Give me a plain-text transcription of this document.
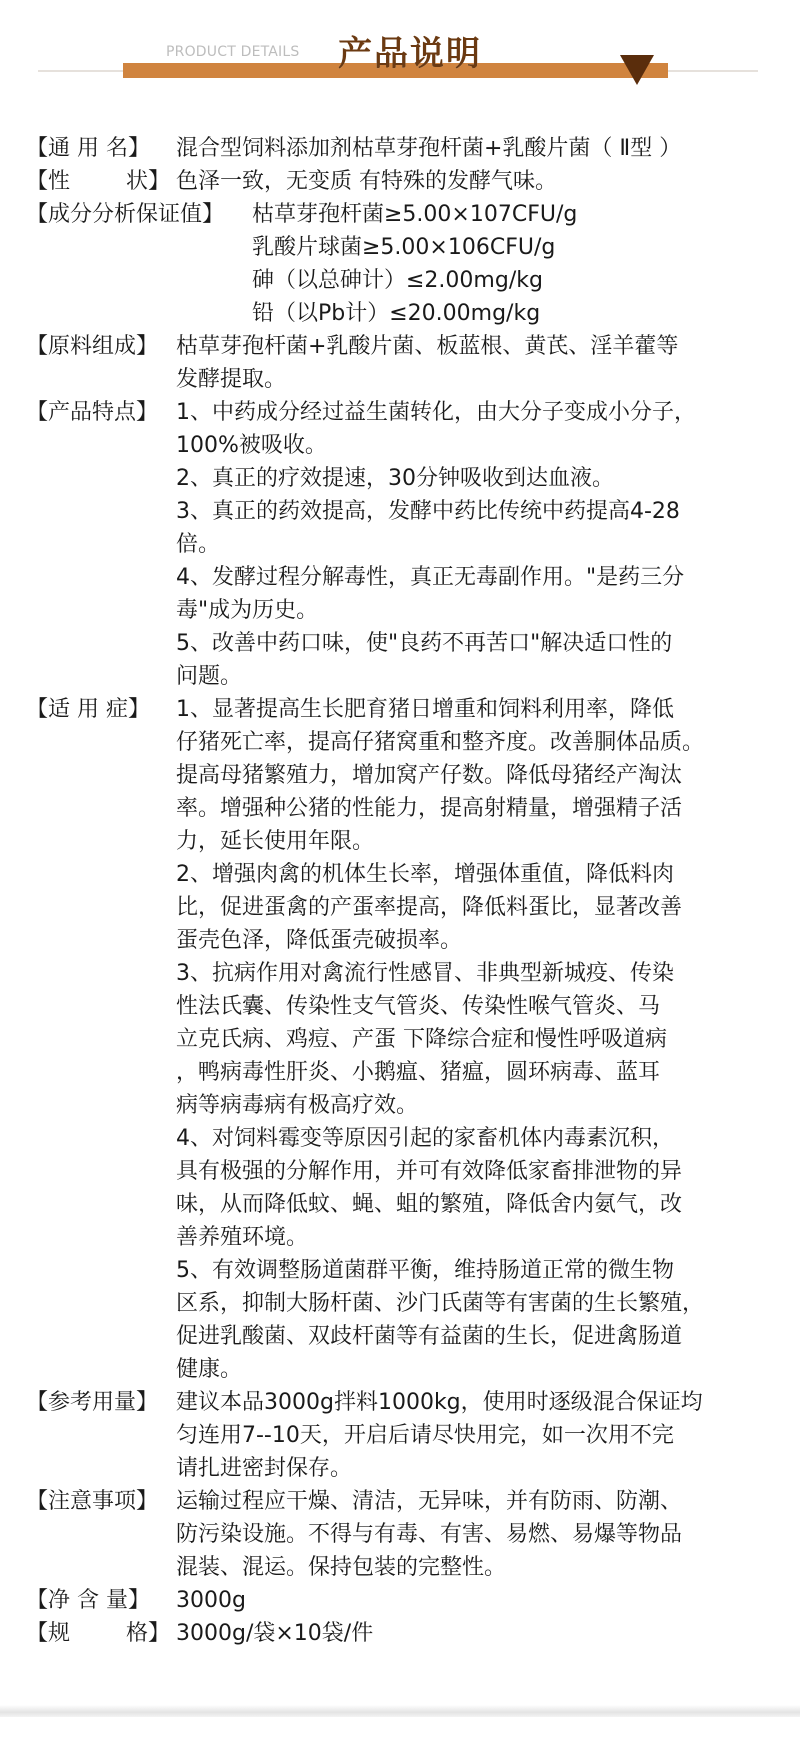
PRODUCT DETAILS 产品说明
【通 用 名】	混合型饲料添加剂枯草芽孢杆菌+乳酸片菌（ Ⅱ型 ）
【性        状】 色泽一致，无变质 有特殊的发酵气味。
【成分分析保证值】	枯草芽孢杆菌≥5.00×107CFU/g
乳酸片球菌≥5.00×106CFU/g
砷（以总砷计）≤2.00mg/kg
铅（以Pb计）≤20.00mg/kg
【原料组成】 枯草芽孢杆菌+乳酸片菌、板蓝根、黄芪、淫羊藿等
发酵提取。
【产品特点】 1、中药成分经过益生菌转化，由大分子变成小分子，
100%被吸收。
2、真正的疗效提速，30分钟吸收到达血液。
3、真正的药效提高，发酵中药比传统中药提高4-28
倍。
4、发酵过程分解毒性，真正无毒副作用。"是药三分
毒"成为历史。
5、改善中药口味，使"良药不再苦口"解决适口性的
问题。
【适 用 症】	1、显著提高生长肥育猪日增重和饲料利用率，降低
仔猪死亡率，提高仔猪窝重和整齐度。改善胴体品质。
提高母猪繁殖力，增加窝产仔数。降低母猪经产淘汰
率。增强种公猪的性能力，提高射精量，增强精子活
力，延长使用年限。
2、增强肉禽的机体生长率，增强体重值，降低料肉
比，促进蛋禽的产蛋率提高，降低料蛋比，显著改善
蛋壳色泽，降低蛋壳破损率。
3、抗病作用对禽流行性感冒、非典型新城疫、传染
性法氏囊、传染性支气管炎、传染性喉气管炎、马
立克氏病、鸡痘、产蛋 下降综合症和慢性呼吸道病
，鸭病毒性肝炎、小鹅瘟、猪瘟，圆环病毒、蓝耳
病等病毒病有极高疗效。
4、对饲料霉变等原因引起的家畜机体内毒素沉积，
具有极强的分解作用，并可有效降低家畜排泄物的异
味，从而降低蚊、蝇、蛆的繁殖，降低舍内氨气，改
善养殖环境。
5、有效调整肠道菌群平衡，维持肠道正常的微生物
区系，抑制大肠杆菌、沙门氏菌等有害菌的生长繁殖，
促进乳酸菌、双歧杆菌等有益菌的生长，促进禽肠道
健康。
【参考用量】 建议本品3000g拌料1000kg，使用时逐级混合保证均
匀连用7--10天，开启后请尽快用完，如一次用不完
请扎进密封保存。
【注意事项】 运输过程应干燥、清洁，无异味，并有防雨、防潮、
防污染设施。不得与有毒、有害、易燃、易爆等物品
混装、混运。保持包装的完整性。
【净 含 量】	3000g
【规        格】 3000g/袋×10袋/件
